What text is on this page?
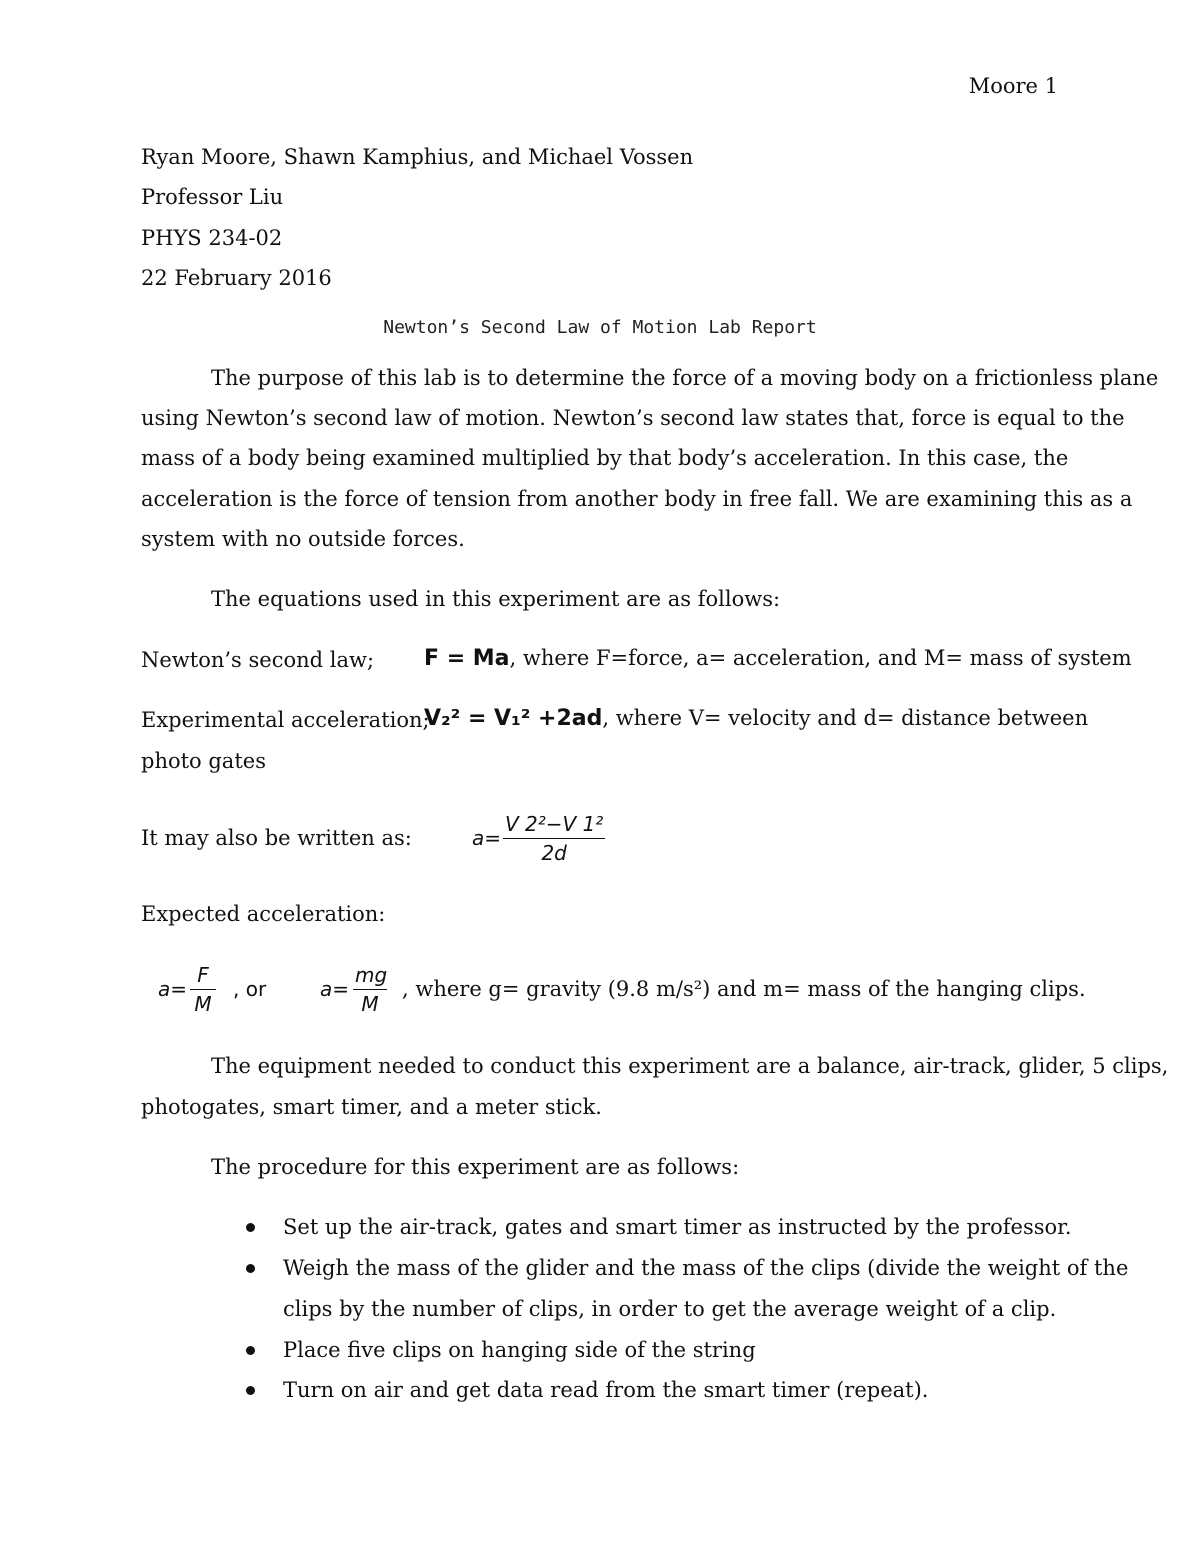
Moore 1
Ryan Moore, Shawn Kamphius, and Michael Vossen
Professor Liu
PHYS 234-02
22 February 2016
Newton’s Second Law of Motion Lab Report
The purpose of this lab is to determine the force of a moving body on a frictionless plane
using Newton’s second law of motion. Newton’s second law states that, force is equal to the
mass of a body being examined multiplied by that body’s acceleration. In this case, the
acceleration is the force of tension from another body in free fall. We are examining this as a
system with no outside forces.
The equations used in this experiment are as follows:
Newton’s second law; F = Ma, where F=force, a= acceleration, and M= mass of system
Experimental acceleration;
V₂² = V₁² +2ad, where V= velocity and d= distance between
photo gates
It may also be written as:	$a= \frac{\text{V 2²−V 1²}}{2d}$
Expected acceleration:
$a= \frac{F}{M}$ , or	$a= \frac{mg}{M}$ , where g= gravity (9.8 m/s²) and m= mass of the hanging clips.
The equipment needed to conduct this experiment are a balance, air-track, glider, 5 clips,
photogates, smart timer, and a meter stick.
The procedure for this experiment are as follows:
Set up the air-track, gates and smart timer as instructed by the professor.
Weigh the mass of the glider and the mass of the clips (divide the weight of the
clips by the number of clips, in order to get the average weight of a clip.
Place five clips on hanging side of the string
Turn on air and get data read from the smart timer (repeat).
